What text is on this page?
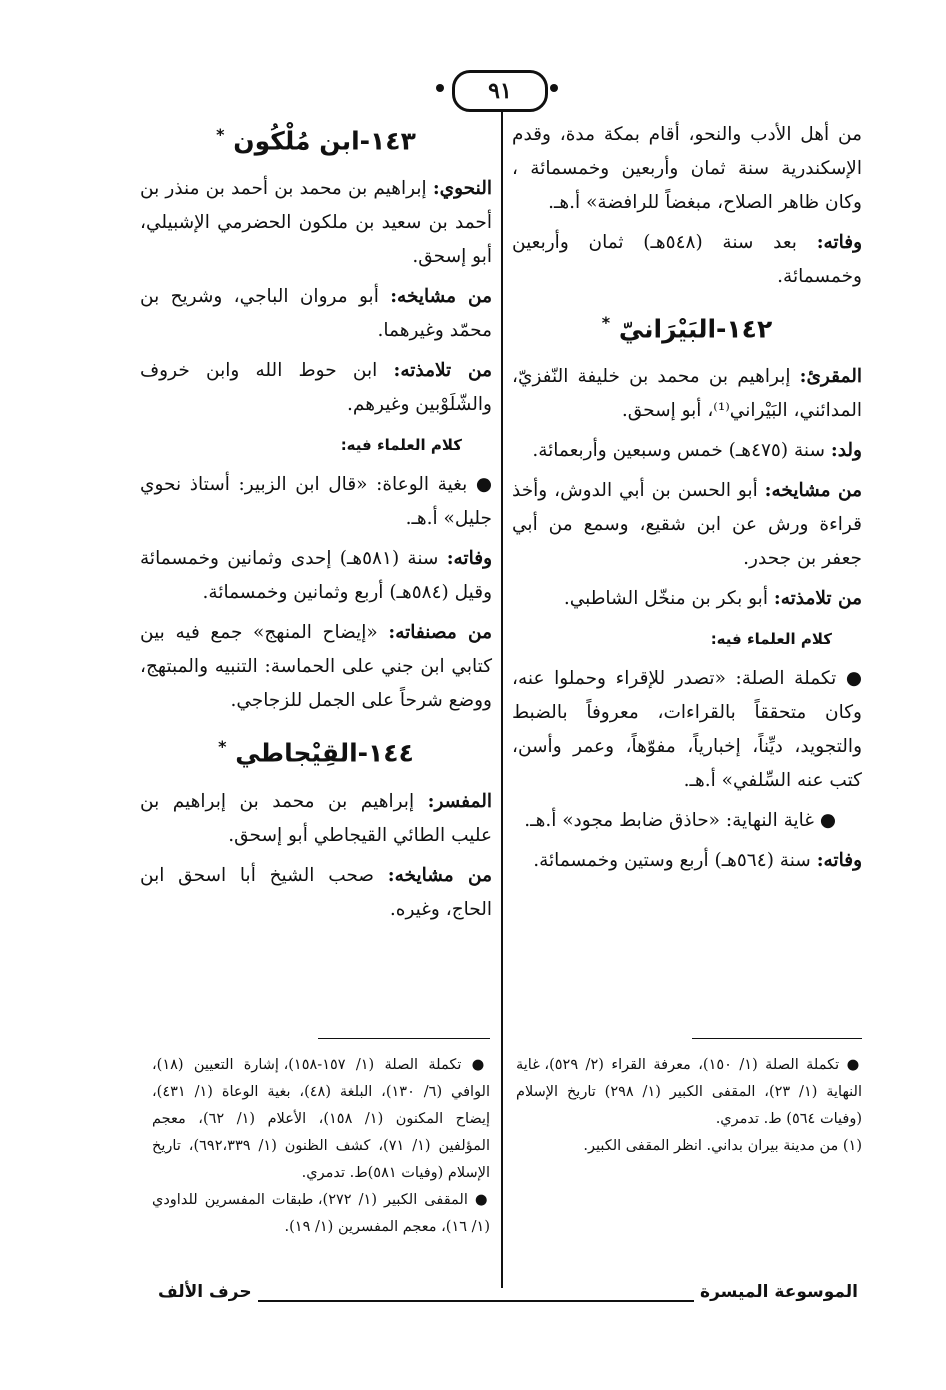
٩١

من أهل الأدب والنحو، أقام بمكة مدة، وقدم الإسكندرية سنة ثمان وأربعين وخمسمائة ، وكان ظاهر الصلاح، مبغضاً للرافضة» أ.هـ.

وفاته: بعد سنة (٥٤٨هـ) ثمان وأربعين وخمسمائة.

١٤٢-البَيْرَانيّ *

المقرئ: إبراهيم بن محمد بن خليفة النّفزيّ، المدائني، البَيْراني⁽¹⁾، أبو إسحق.

ولد: سنة (٤٧٥هـ) خمس وسبعين وأربعمائة.

من مشايخه: أبو الحسن بن أبي الدوش، وأخذ قراءة ورش عن ابن شقيع، وسمع من أبي جعفر بن جحدر.

من تلامذته: أبو بكر بن منخّل الشاطبي.

كلام العلماء فيه:

● تكملة الصلة: «تصدر للإقراء وحملوا عنه، وكان متحققاً بالقراءات، معروفاً بالضبط والتجويد، ديِّناً، إخبارياً، مفوّهاً، وعمر وأسن، كتب عنه السِّلفي» أ.هـ.

● غاية النهاية: «حاذق ضابط مجود» أ.هـ.

وفاته: سنة (٥٦٤هـ) أربع وستين وخمسمائة.

١٤٣-ابن مُلْكُون *

النحوي: إبراهيم بن محمد بن أحمد بن منذر بن أحمد بن سعيد بن ملكون الحضرمي الإشبيلي، أبو إسحق.

من مشايخه: أبو مروان الباجي، وشريح بن محمّد وغيرهما.

من تلامذته: ابن حوط الله وابن خروف والشّلَوْبين وغيرهم.

كلام العلماء فيه:

● بغية الوعاة: «قال ابن الزبير: أستاذ نحوي جليل» أ.هـ.

وفاته: سنة (٥٨١هـ) إحدى وثمانين وخمسمائة وقيل (٥٨٤هـ) أربع وثمانين وخمسمائة.

من مصنفاته: «إيضاح المنهج» جمع فيه بين كتابي ابن جني على الحماسة: التنبيه والمبتهج، ووضع شرحاً على الجمل للزجاجي.

١٤٤-القِيْجاطي *

المفسر: إبراهيم بن محمد بن إبراهيم بن عليب الطائي القيجاطي أبو إسحق.

من مشايخه: صحب الشيخ أبا اسحق ابن الحاج، وغيره.

● تكملة الصلة (١/ ١٥٠)، معرفة القراء (٢/ ٥٢٩)، غاية النهاية (١/ ٢٣)، المقفى الكبير (١/ ٢٩٨) تاريخ الإسلام (وفيات ٥٦٤) ط. تدمري.

(١) من مدينة بيران بداني. انظر المقفى الكبير.

● تكملة الصلة (١/ ١٥٧-١٥٨)، إشارة التعيين (١٨)، الوافي (٦/ ١٣٠)، البلغة (٤٨)، بغية الوعاة (١/ ٤٣١)، إيضاح المكنون (١/ ١٥٨)، الأعلام (١/ ٦٢)، معجم المؤلفين (١/ ٧١)، كشف الظنون (١/ ٦٩٢،٣٣٩)، تاريخ الإسلام (وفيات ٥٨١)ط. تدمري.

● المقفى الكبير (١/ ٢٧٢)، طبقات المفسرين للداودي (١/ ١٦)، معجم المفسرين (١/ ١٩).

الموسوعة الميسرة
حرف الألف
